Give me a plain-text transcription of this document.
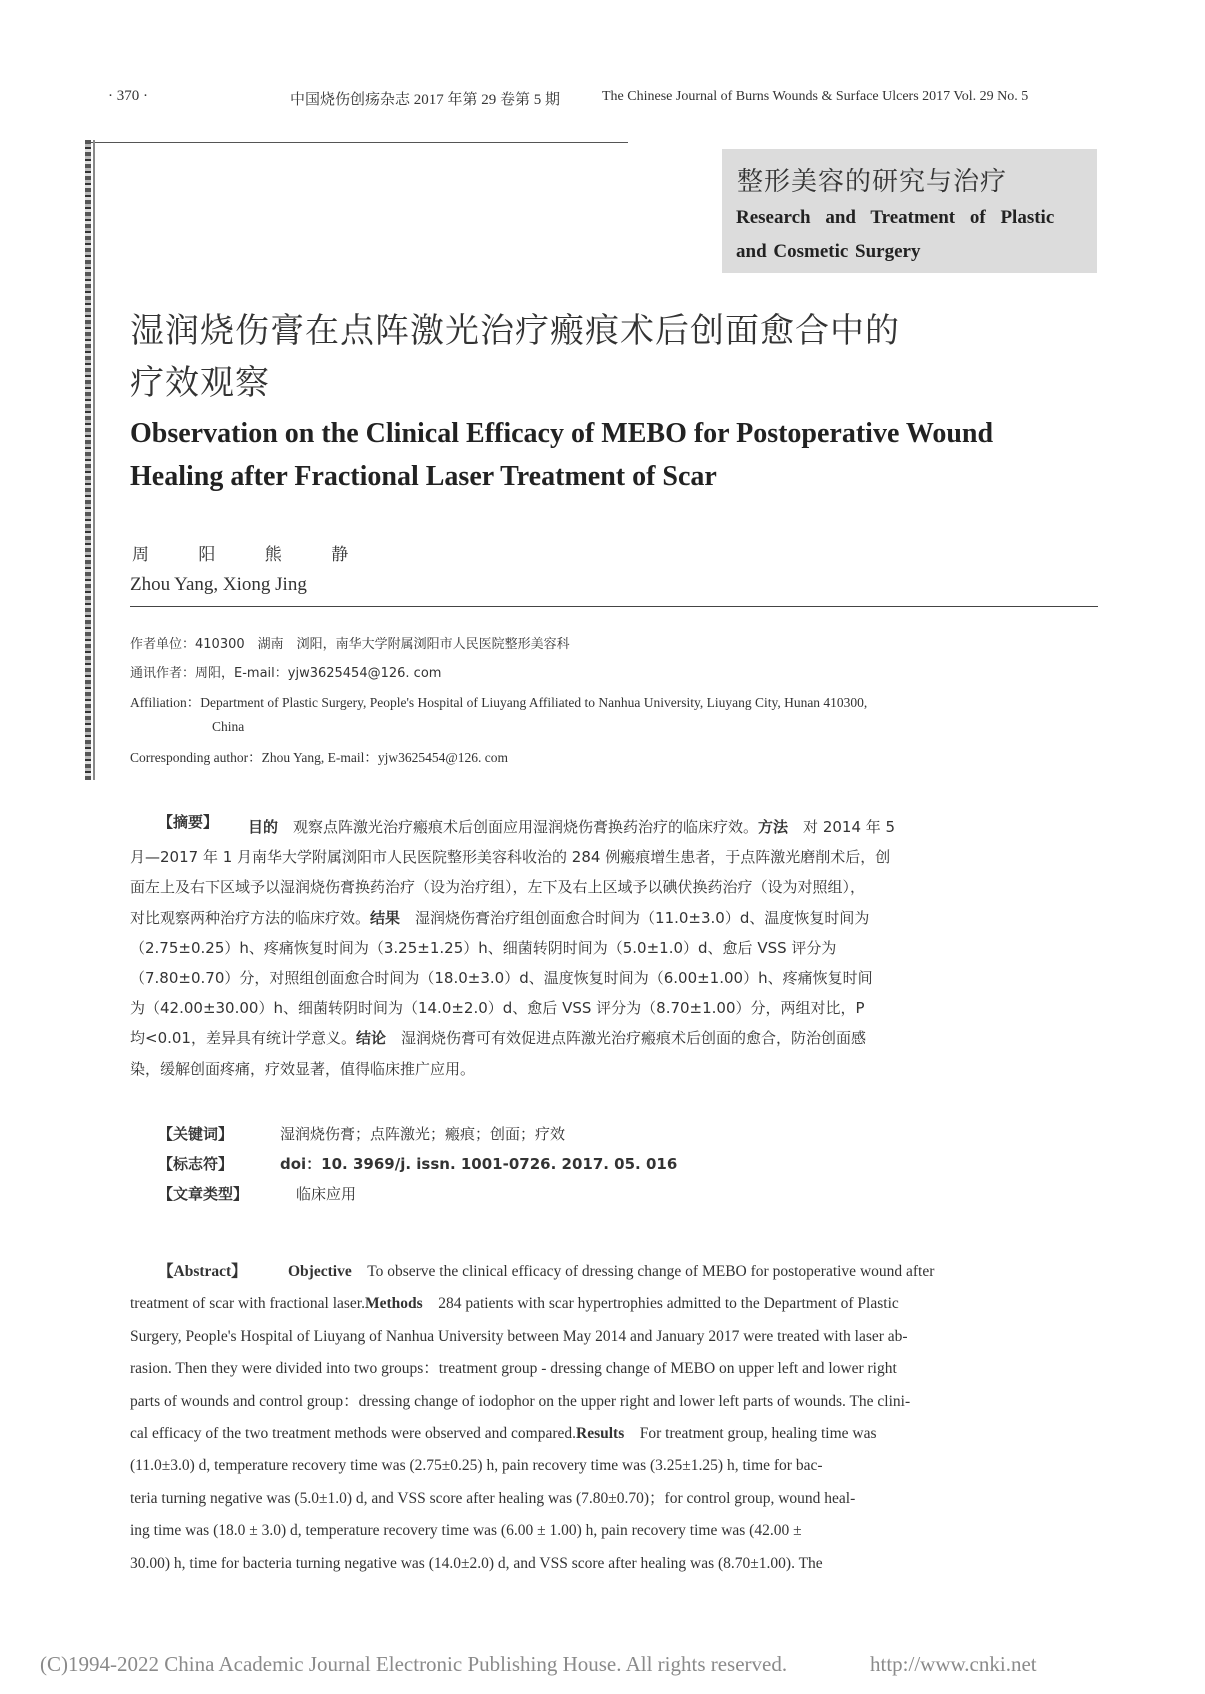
· 370 ·	中国烧伤创疡杂志 2017 年第 29 卷第 5 期	The Chinese Journal of Burns Wounds & Surface Ulcers 2017 Vol. 29 No. 5
整形美容的研究与治疗
Research and Treatment of Plastic
and Cosmetic Surgery
湿润烧伤膏在点阵激光治疗瘢痕术后创面愈合中的
疗效观察
Observation on the Clinical Efficacy of MEBO for Postoperative Wound
Healing after Fractional Laser Treatment of Scar
周 阳 熊 静
Zhou Yang, Xiong Jing
作者单位：410300　湖南　浏阳，南华大学附属浏阳市人民医院整形美容科
通讯作者：周阳，E-mail：yjw3625454@126. com
Affiliation：Department of Plastic Surgery, People's Hospital of Liuyang Affiliated to Nanhua University, Liuyang City, Hunan 410300,
China
Corresponding author：Zhou Yang, E-mail：yjw3625454@126. com
【摘要】 目的　观察点阵激光治疗瘢痕术后创面应用湿润烧伤膏换药治疗的临床疗效。方法　对 2014 年 5
月—2017 年 1 月南华大学附属浏阳市人民医院整形美容科收治的 284 例瘢痕增生患者，于点阵激光磨削术后，创
面左上及右下区域予以湿润烧伤膏换药治疗（设为治疗组），左下及右上区域予以碘伏换药治疗（设为对照组），
对比观察两种治疗方法的临床疗效。结果　湿润烧伤膏治疗组创面愈合时间为（11.0±3.0）d、温度恢复时间为
（2.75±0.25）h、疼痛恢复时间为（3.25±1.25）h、细菌转阴时间为（5.0±1.0）d、愈后 VSS 评分为
（7.80±0.70）分，对照组创面愈合时间为（18.0±3.0）d、温度恢复时间为（6.00±1.00）h、疼痛恢复时间
为（42.00±30.00）h、细菌转阴时间为（14.0±2.0）d、愈后 VSS 评分为（8.70±1.00）分，两组对比，P
均<0.01，差异具有统计学意义。结论　湿润烧伤膏可有效促进点阵激光治疗瘢痕术后创面的愈合，防治创面感
染，缓解创面疼痛，疗效显著，值得临床推广应用。
【关键词】	湿润烧伤膏；点阵激光；瘢痕；创面；疗效
【标志符】	doi：10. 3969/j. issn. 1001-0726. 2017. 05. 016
【文章类型】	临床应用
【Abstract】	Objective　To observe the clinical efficacy of dressing change of MEBO for postoperative wound after
treatment of scar with fractional laser.Methods　284 patients with scar hypertrophies admitted to the Department of Plastic
Surgery, People's Hospital of Liuyang of Nanhua University between May 2014 and January 2017 were treated with laser ab-
rasion. Then they were divided into two groups：treatment group - dressing change of MEBO on upper left and lower right
parts of wounds and control group：dressing change of iodophor on the upper right and lower left parts of wounds. The clini-
cal efficacy of the two treatment methods were observed and compared.Results　For treatment group, healing time was
(11.0±3.0) d, temperature recovery time was (2.75±0.25) h, pain recovery time was (3.25±1.25) h, time for bac-
teria turning negative was (5.0±1.0) d, and VSS score after healing was (7.80±0.70)；for control group, wound heal-
ing time was (18.0 ± 3.0) d, temperature recovery time was (6.00 ± 1.00) h, pain recovery time was (42.00 ±
30.00) h, time for bacteria turning negative was (14.0±2.0) d, and VSS score after healing was (8.70±1.00). The
(C)1994-2022 China Academic Journal Electronic Publishing House. All rights reserved.	http://www.cnki.net
